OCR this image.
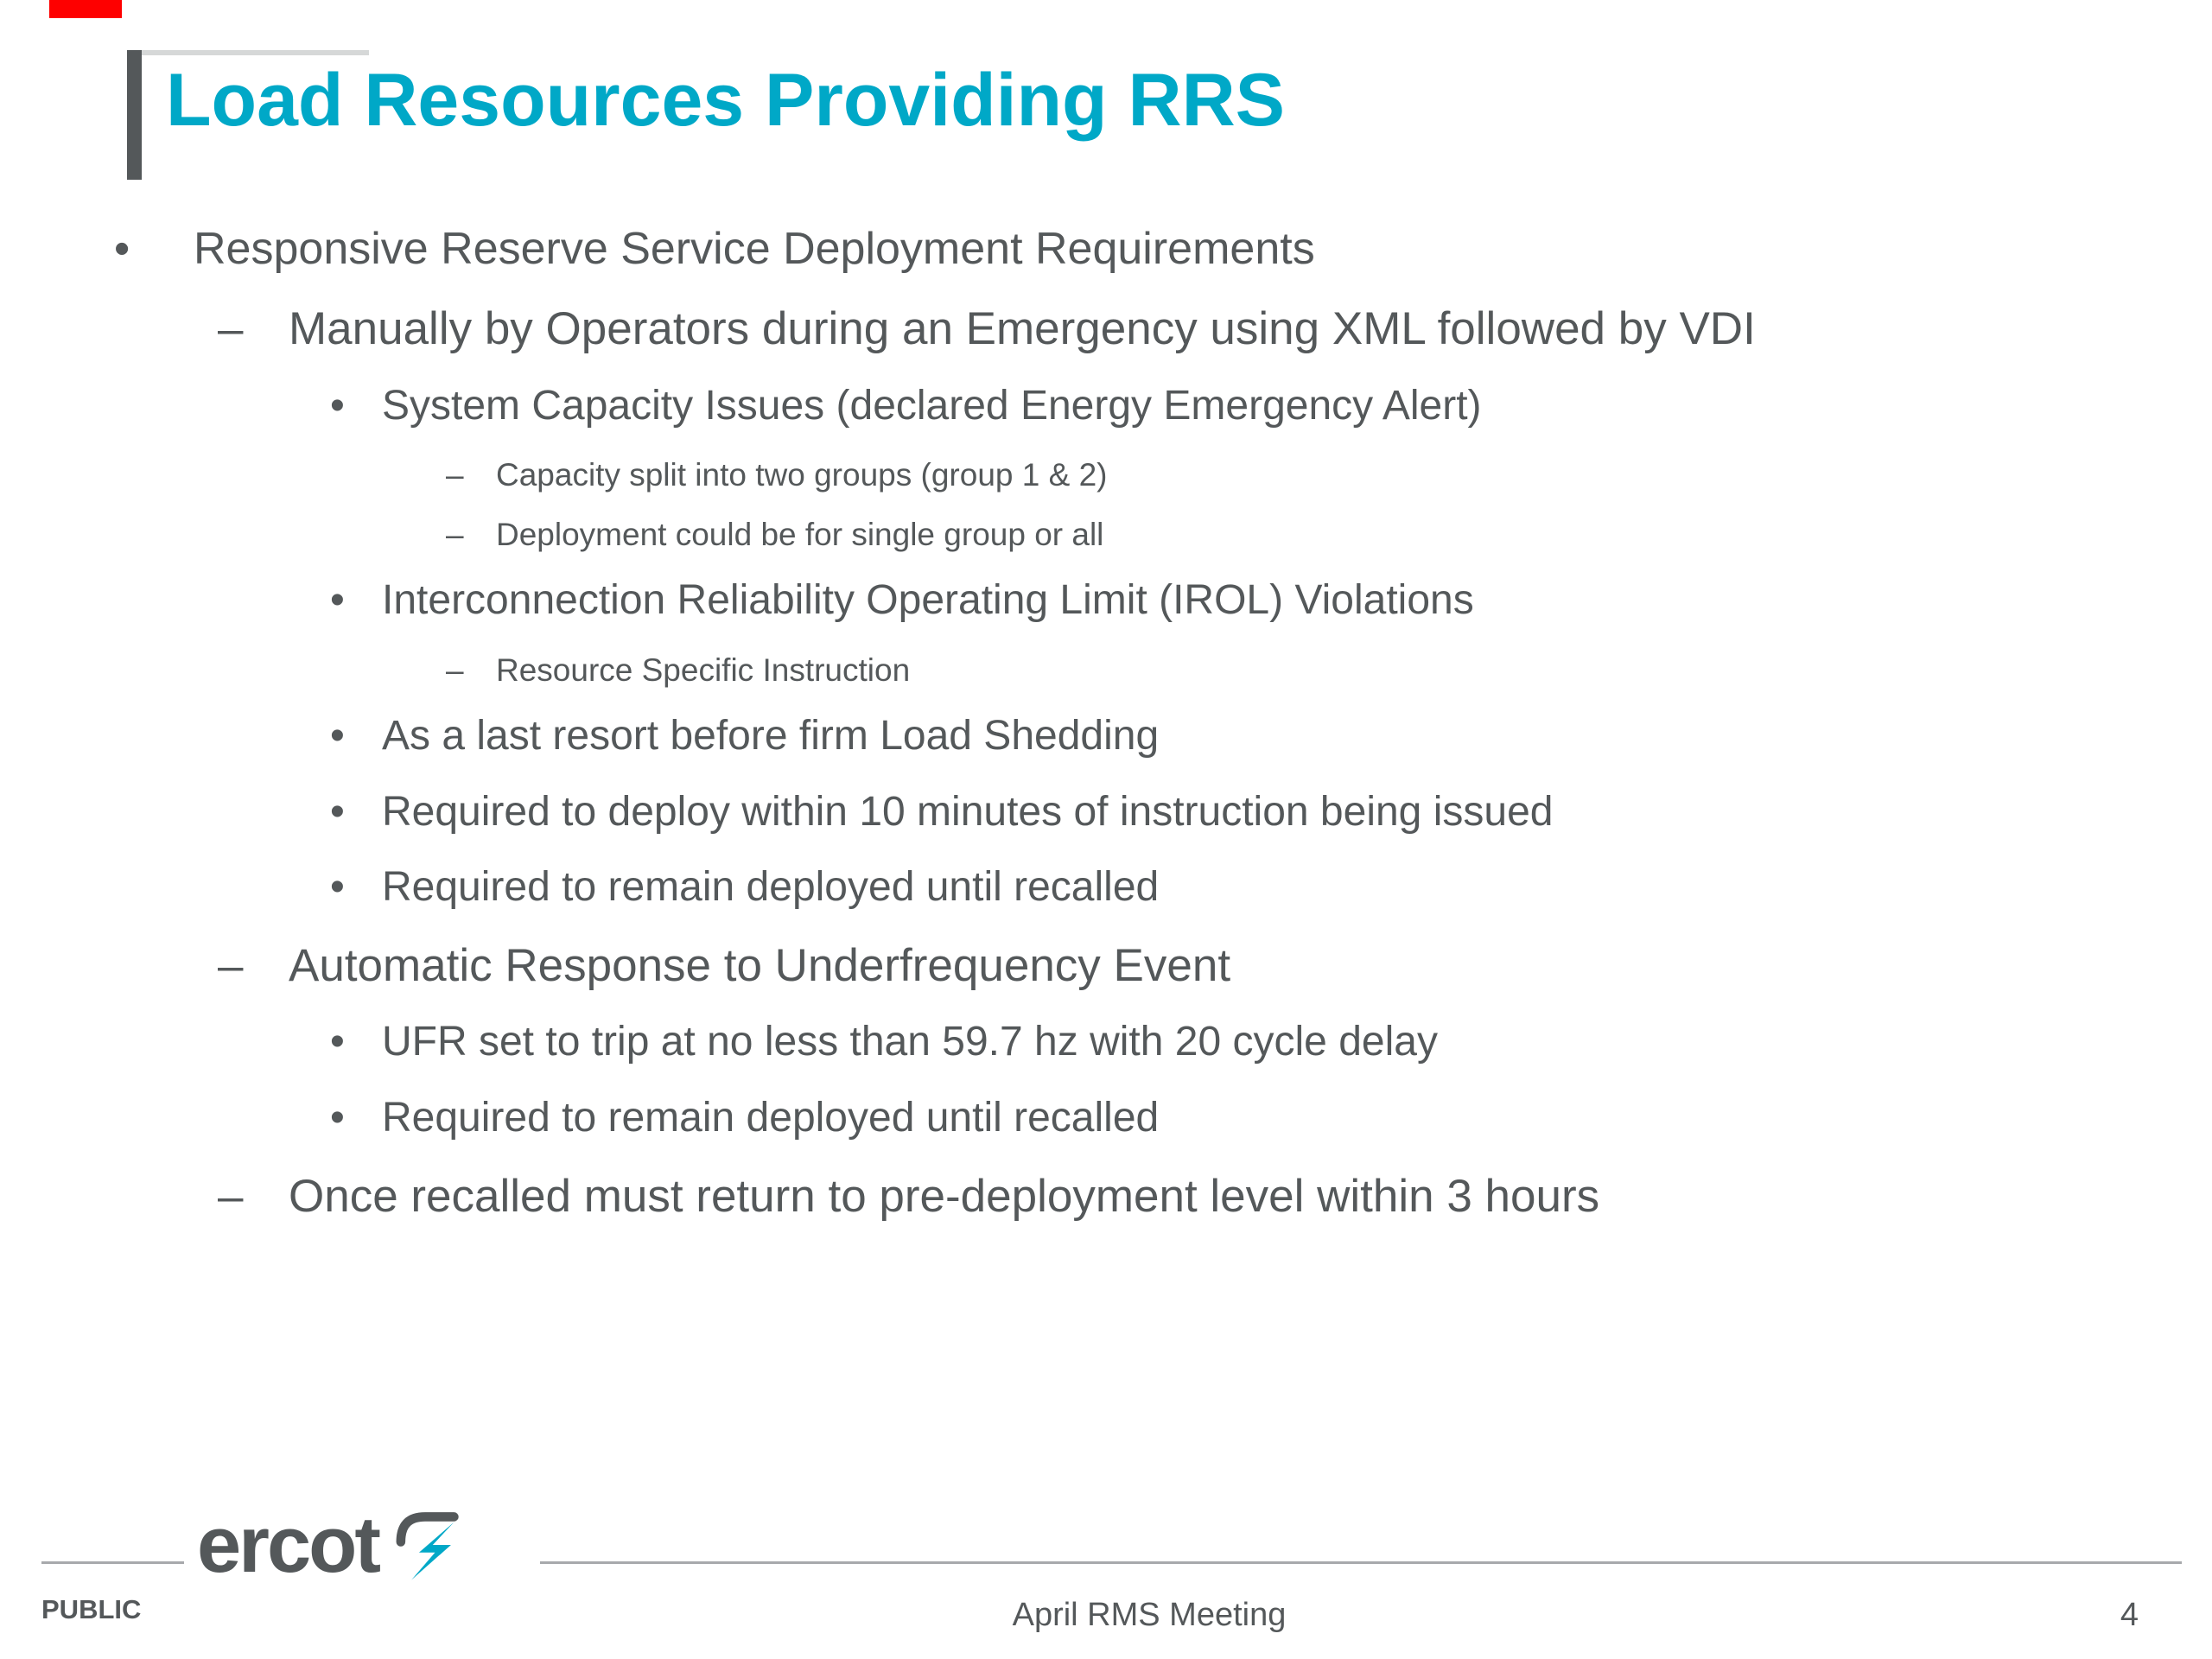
Load Resources Providing RRS
•	Responsive Reserve Service Deployment Requirements
– Manually by Operators during an Emergency using XML followed by VDI
• System Capacity Issues (declared Energy Emergency Alert)
–	Capacity split into two groups (group 1 & 2)
–	Deployment could be for single group or all
• Interconnection Reliability Operating Limit (IROL) Violations
–	Resource Specific Instruction
• As a last resort before firm Load Shedding
• Required to deploy within 10 minutes of instruction being issued
• Required to remain deployed until recalled
– Automatic Response to Underfrequency Event
• UFR set to trip at no less than 59.7 hz with 20 cycle delay
• Required to remain deployed until recalled
– Once recalled must return to pre-deployment level within 3 hours
ercot
PUBLIC	April RMS Meeting	4
